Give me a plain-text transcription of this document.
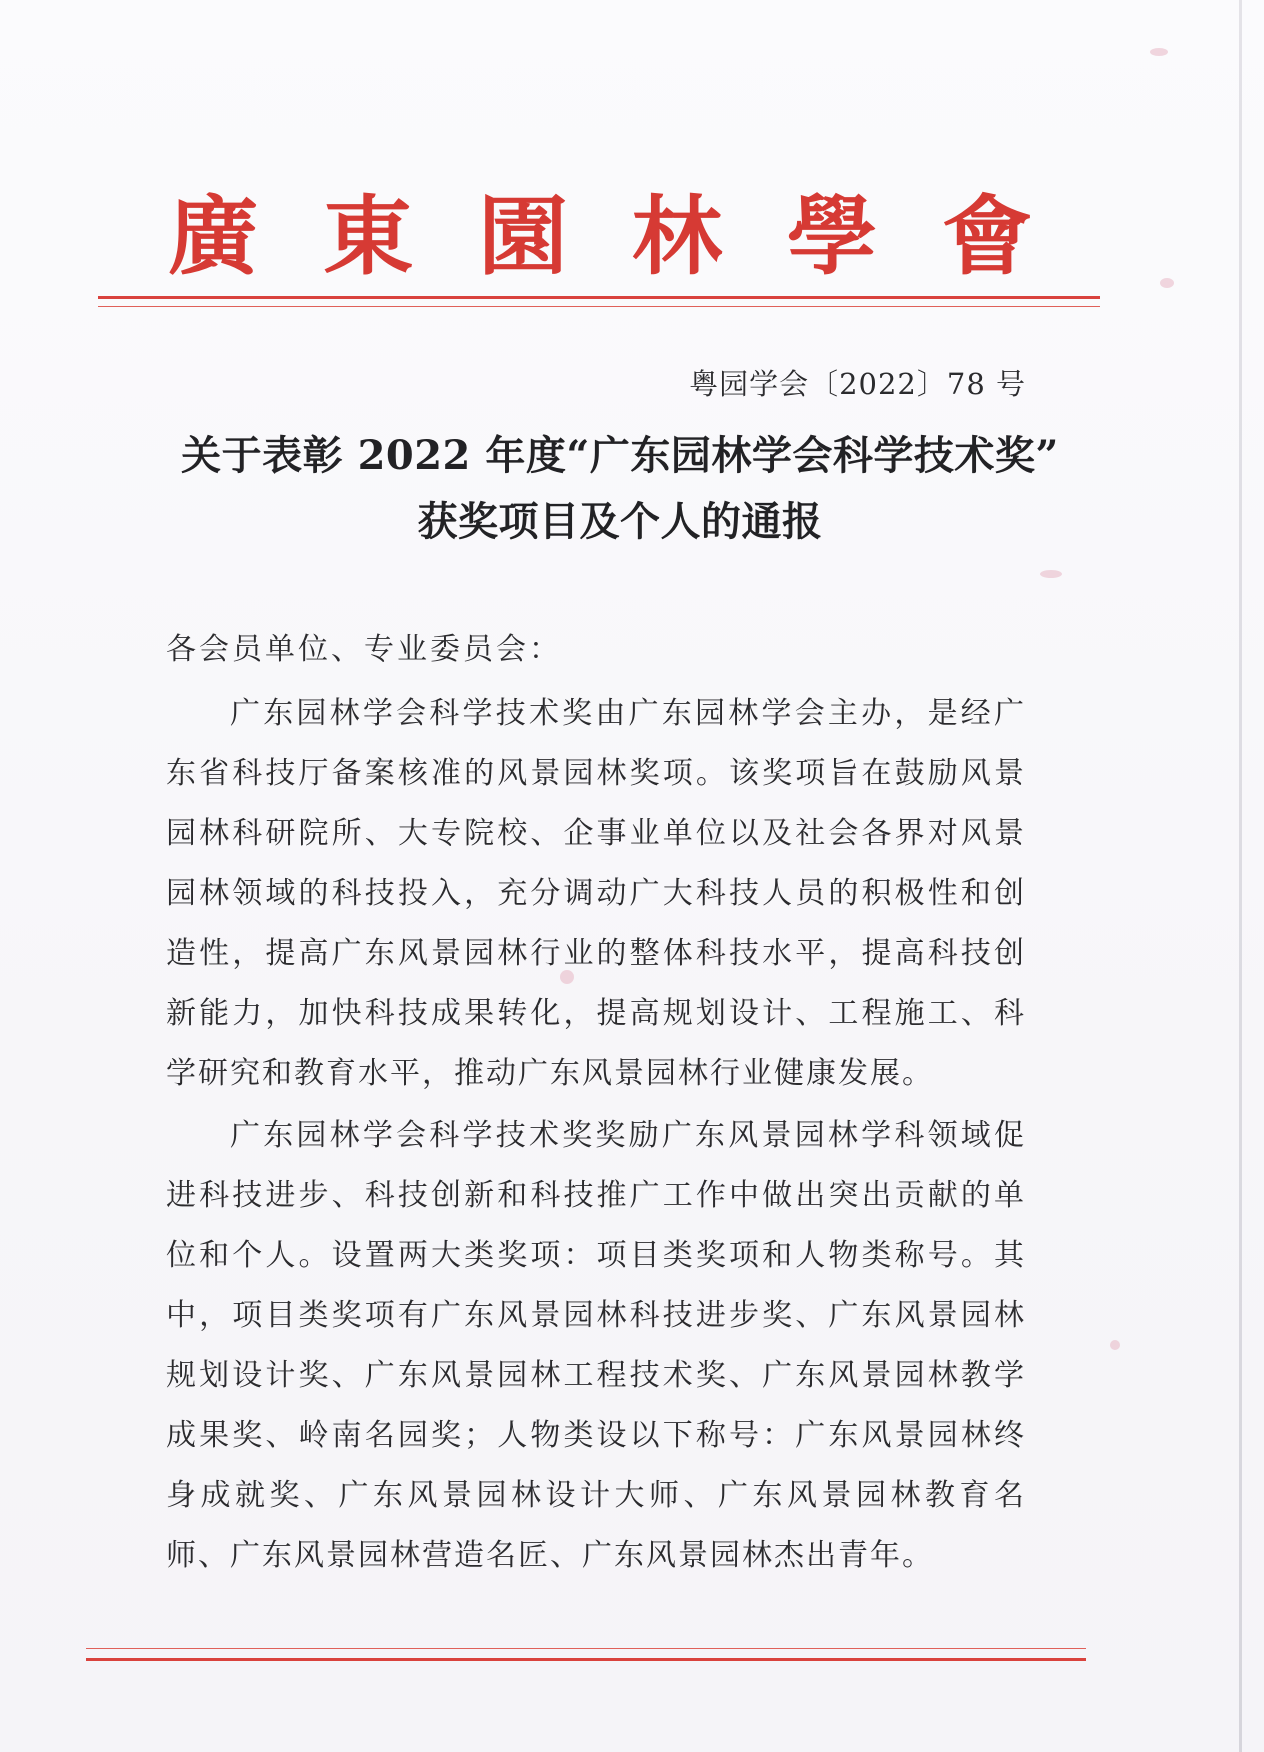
廣 東 園 林 學 會
粤园学会〔2022〕78 号
关于表彰 2022 年度“广东园林学会科学技术奖”
获奖项目及个人的通报
各会员单位、专业委员会：
广东园林学会科学技术奖由广东园林学会主办，是经广东省科技厅备案核准的风景园林奖项。该奖项旨在鼓励风景园林科研院所、大专院校、企事业单位以及社会各界对风景园林领域的科技投入，充分调动广大科技人员的积极性和创造性，提高广东风景园林行业的整体科技水平，提高科技创新能力，加快科技成果转化，提高规划设计、工程施工、科学研究和教育水平，推动广东风景园林行业健康发展。
广东园林学会科学技术奖奖励广东风景园林学科领域促进科技进步、科技创新和科技推广工作中做出突出贡献的单位和个人。设置两大类奖项：项目类奖项和人物类称号。其中，项目类奖项有广东风景园林科技进步奖、广东风景园林规划设计奖、广东风景园林工程技术奖、广东风景园林教学成果奖、岭南名园奖；人物类设以下称号：广东风景园林终身成就奖、广东风景园林设计大师、广东风景园林教育名师、广东风景园林营造名匠、广东风景园林杰出青年。
